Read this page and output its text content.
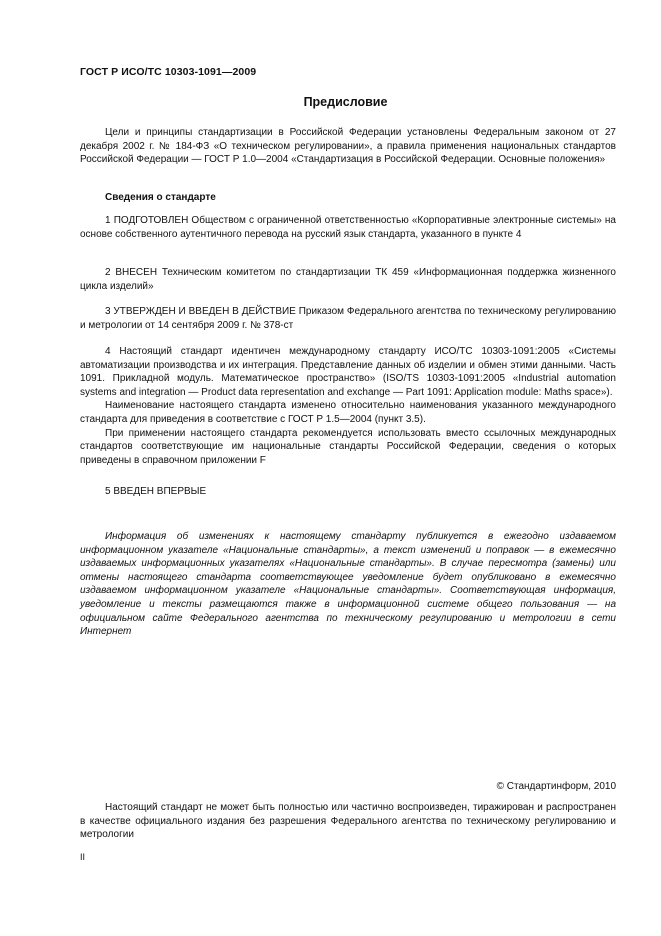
ГОСТ Р ИСО/ТС 10303-1091—2009
Предисловие

Цели и принципы стандартизации в Российской Федерации установлены Федеральным законом от 27 декабря 2002 г. № 184-ФЗ «О техническом регулировании», а правила применения национальных стандартов Российской Федерации — ГОСТ Р 1.0—2004 «Стандартизация в Российской Федерации. Основные положения»

Сведения о стандарте

1 ПОДГОТОВЛЕН Обществом с ограниченной ответственностью «Корпоративные электронные системы» на основе собственного аутентичного перевода на русский язык стандарта, указанного в пункте 4

2 ВНЕСЕН Техническим комитетом по стандартизации ТК 459 «Информационная поддержка жизненного цикла изделий»

3 УТВЕРЖДЕН И ВВЕДЕН В ДЕЙСТВИЕ Приказом Федерального агентства по техническому регулированию и метрологии от 14 сентября 2009 г. № 378-ст

4 Настоящий стандарт идентичен международному стандарту ИСО/ТС 10303-1091:2005 «Системы автоматизации производства и их интеграция. Представление данных об изделии и обмен этими данными. Часть 1091. Прикладной модуль. Математическое пространство» (ISO/TS 10303-1091:2005 «Industrial automation systems and integration — Product data representation and exchange — Part 1091: Application module: Maths space»).

Наименование настоящего стандарта изменено относительно наименования указанного международного стандарта для приведения в соответствие с ГОСТ Р 1.5—2004 (пункт 3.5).

При применении настоящего стандарта рекомендуется использовать вместо ссылочных международных стандартов соответствующие им национальные стандарты Российской Федерации, сведения о которых приведены в справочном приложении F

5 ВВЕДЕН ВПЕРВЫЕ

Информация об изменениях к настоящему стандарту публикуется в ежегодно издаваемом информационном указателе «Национальные стандарты», а текст изменений и поправок — в ежемесячно издаваемых информационных указателях «Национальные стандарты». В случае пересмотра (замены) или отмены настоящего стандарта соответствующее уведомление будет опубликовано в ежемесячно издаваемом информационном указателе «Национальные стандарты». Соответствующая информация, уведомление и тексты размещаются также в информационной системе общего пользования — на официальном сайте Федерального агентства по техническому регулированию и метрологии в сети Интернет

© Стандартинформ, 2010

Настоящий стандарт не может быть полностью или частично воспроизведен, тиражирован и распространен в качестве официального издания без разрешения Федерального агентства по техническому регулированию и метрологии

II
